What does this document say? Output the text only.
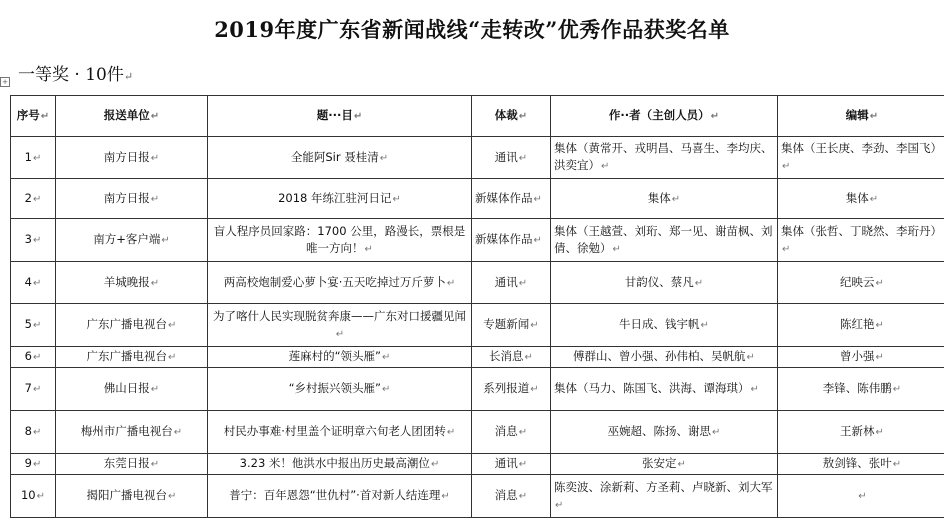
2019年度广东省新闻战线“走转改”优秀作品获奖名单
一等奖 · 10件↵
+
序号↵	报送单位↵	题···目↵	体裁↵	作··者（主创人员）↵	编辑↵
1↵	南方日报↵	全能阿Sir 聂桂清↵	通讯↵	集体（黄常开、戎明昌、马喜生、李均庆、洪奕宜）↵	集体（王长庚、李劲、李国飞）↵
2↵	南方日报↵	2018 年练江驻河日记↵	新媒体作品↵	集体↵	集体↵
3↵	南方+客户端↵	盲人程序员回家路：1700 公里，路漫长，票根是唯一方向！↵	新媒体作品↵	集体（王越萱、刘珩、郑一见、谢苗枫、刘倩、徐勉）↵	集体（张哲、丁晓然、李珩丹）↵
4↵	羊城晚报↵	两高校炮制爱心萝卜宴·五天吃掉过万斤萝卜↵	通讯↵	甘韵仪、蔡凡↵	纪映云↵
5↵	广东广播电视台↵	为了喀什人民实现脱贫奔康——广东对口援疆见闻↵	专题新闻↵	牛日成、钱宇帆↵	陈红艳↵
6↵	广东广播电视台↵	莲麻村的“领头雁”↵	长消息↵	傅群山、曾小强、孙伟柏、吴帆航↵	曾小强↵
7↵	佛山日报↵	“乡村振兴领头雁”↵	系列报道↵	集体（马力、陈国飞、洪海、谭海琪）↵	李锋、陈伟鹏↵
8↵	梅州市广播电视台↵	村民办事难·村里盖个证明章六旬老人团团转↵	消息↵	巫婉超、陈扬、谢思↵	王新林↵
9↵	东莞日报↵	3.23 米！他洪水中报出历史最高潮位↵	通讯↵	张安定↵	敖剑锋、张叶↵
10↵	揭阳广播电视台↵	普宁：百年恩怨“世仇村”·首对新人结连理↵	消息↵	陈奕波、涂新莉、方圣莉、卢晓新、刘大军↵	↵
